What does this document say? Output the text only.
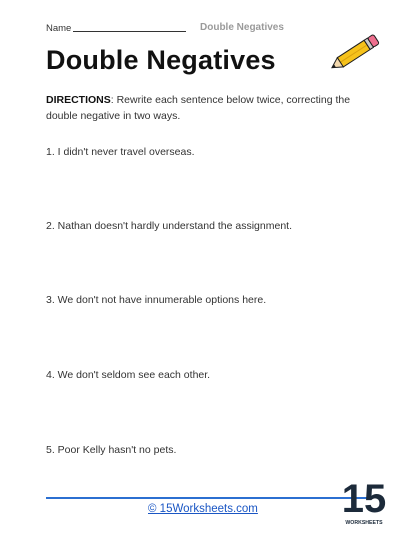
Name	Double Negatives
Double Negatives
DIRECTIONS: Rewrite each sentence below twice, correcting the double negative in two ways.
1. I didn't never travel overseas.
2. Nathan doesn't hardly understand the assignment.
3. We don't not have innumerable options here.
4. We don't seldom see each other.
5. Poor Kelly hasn't no pets.
© 15Worksheets.com 15
WORKSHEETS
